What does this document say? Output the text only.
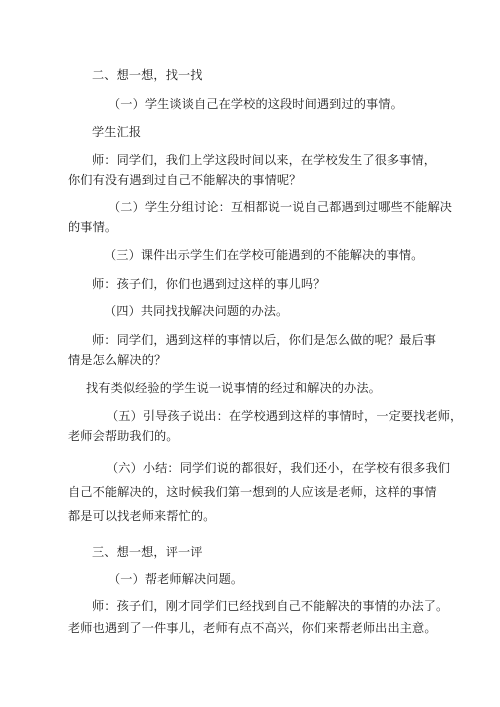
二、想一想，找一找

（一）学生谈谈自己在学校的这段时间遇到过的事情。

学生汇报

师：同学们，我们上学这段时间以来，在学校发生了很多事情，

你们有没有遇到过自己不能解决的事情呢？

（二）学生分组讨论：互相都说一说自己都遇到过哪些不能解决

的事情。

（三）课件出示学生们在学校可能遇到的不能解决的事情。

师：孩子们，你们也遇到过这样的事儿吗？

（四）共同找找解决问题的办法。

师：同学们，遇到这样的事情以后，你们是怎么做的呢？最后事

情是怎么解决的？

找有类似经验的学生说一说事情的经过和解决的办法。

（五）引导孩子说出：在学校遇到这样的事情时，一定要找老师，

老师会帮助我们的。

（六）小结：同学们说的都很好，我们还小，在学校有很多我们

自己不能解决的，这时候我们第一想到的人应该是老师，这样的事情

都是可以找老师来帮忙的。

三、想一想，评一评

（一）帮老师解决问题。

师：孩子们，刚才同学们已经找到自己不能解决的事情的办法了。

老师也遇到了一件事儿，老师有点不高兴，你们来帮老师出出主意。
